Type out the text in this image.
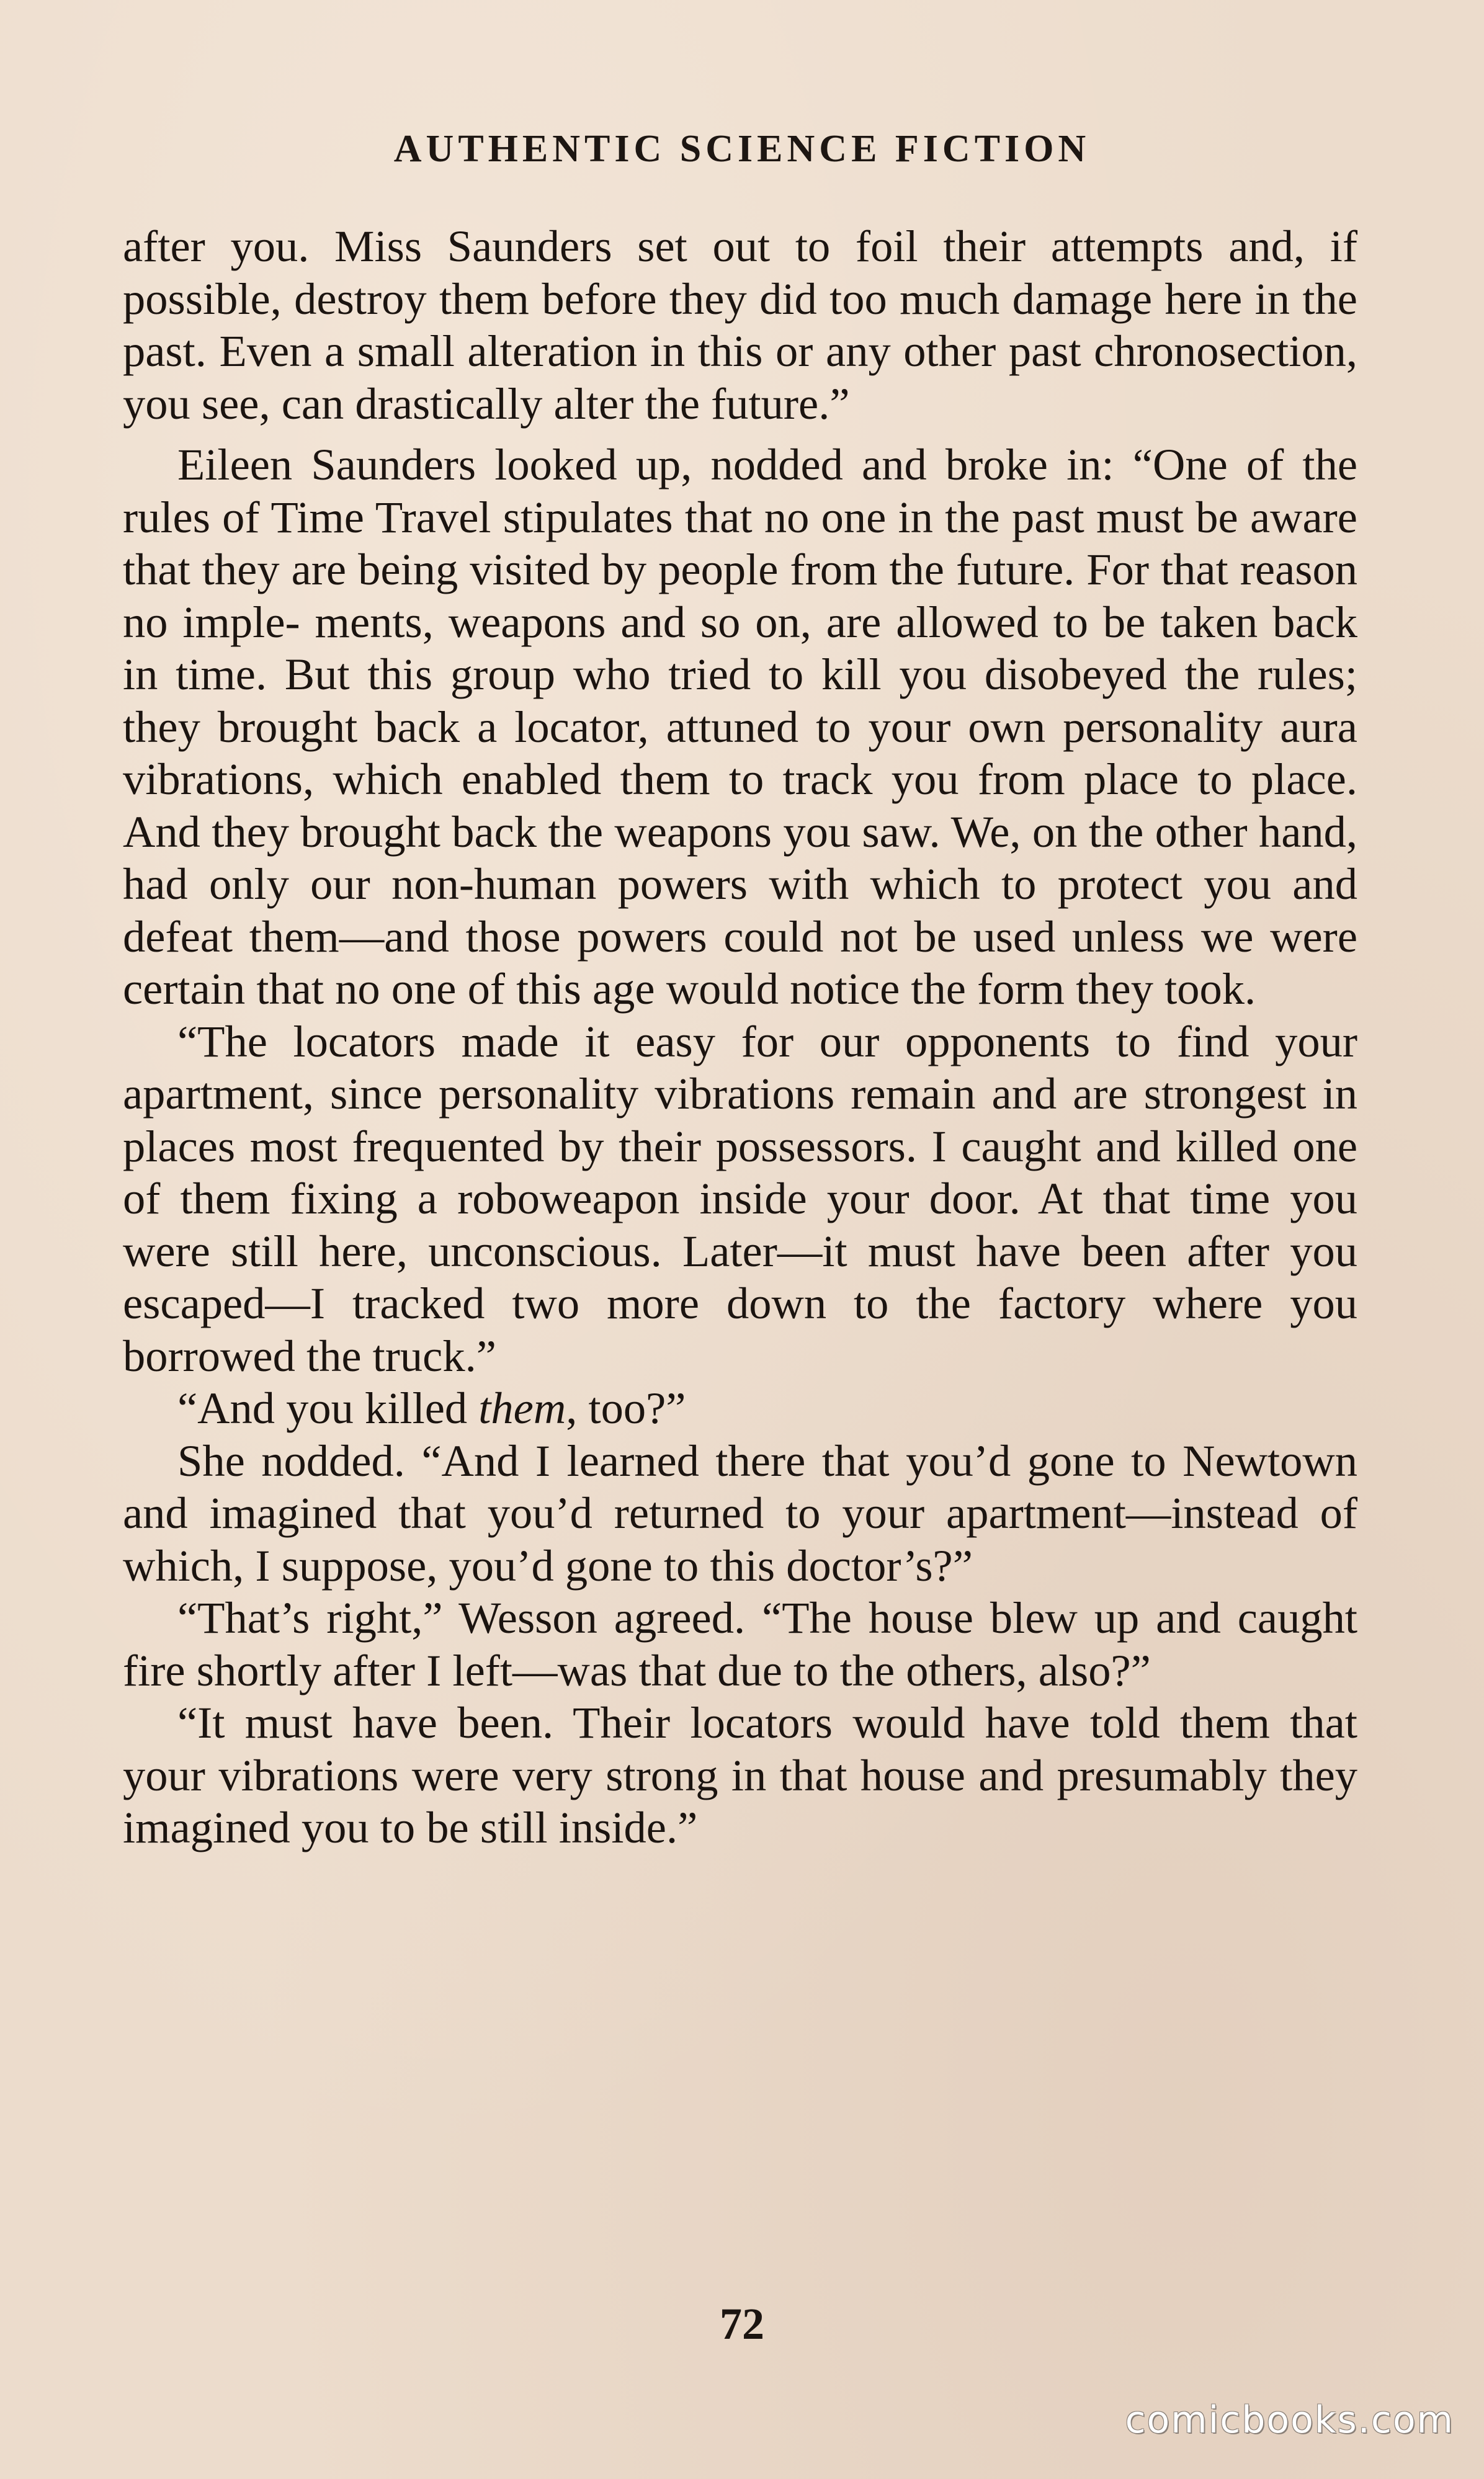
AUTHENTIC SCIENCE FICTION

after you. Miss Saunders set out to foil their attempts and, if possible, destroy them before they did too much damage here in the past. Even a small alteration in this or any other past chronosection, you see, can drastically alter the future.”

Eileen Saunders looked up, nodded and broke in: “One of the rules of Time Travel stipulates that no one in the past must be aware that they are being visited by people from the future. For that reason no imple- ments, weapons and so on, are allowed to be taken back in time. But this group who tried to kill you disobeyed the rules; they brought back a locator, attuned to your own personality aura vibrations, which enabled them to track you from place to place. And they brought back the weapons you saw. We, on the other hand, had only our non-human powers with which to protect you and defeat them—and those powers could not be used unless we were certain that no one of this age would notice the form they took.

“The locators made it easy for our opponents to find your apartment, since personality vibrations remain and are strongest in places most frequented by their possessors. I caught and killed one of them fixing a roboweapon inside your door. At that time you were still here, unconscious. Later—it must have been after you escaped—I tracked two more down to the factory where you borrowed the truck.”

“And you killed them, too?”

She nodded. “And I learned there that you’d gone to Newtown and imagined that you’d returned to your apartment—instead of which, I suppose, you’d gone to this doctor’s?”

“That’s right,” Wesson agreed. “The house blew up and caught fire shortly after I left—was that due to the others, also?”

“It must have been. Their locators would have told them that your vibrations were very strong in that house and presumably they imagined you to be still inside.”

72
comicbooks.com
